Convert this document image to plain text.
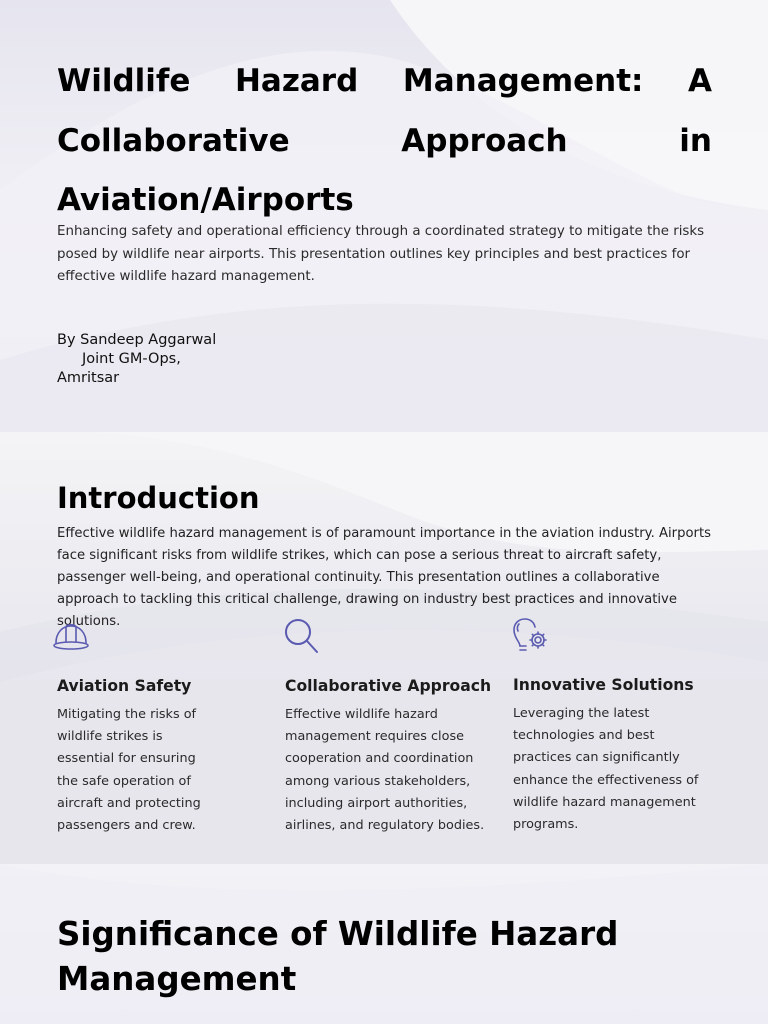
Wildlife Hazard Management: A Collaborative Approach in Aviation/Airports

Enhancing safety and operational efficiency through a coordinated strategy to mitigate the risks posed by wildlife near airports. This presentation outlines key principles and best practices for effective wildlife hazard management.

By Sandeep Aggarwal
Joint GM-Ops,
Amritsar
Introduction

Effective wildlife hazard management is of paramount importance in the aviation industry. Airports face significant risks from wildlife strikes, which can pose a serious threat to aircraft safety, passenger well-being, and operational continuity. This presentation outlines a collaborative approach to tackling this critical challenge, drawing on industry best practices and innovative solutions.

Aviation Safety
Mitigating the risks of wildlife strikes is essential for ensuring the safe operation of aircraft and protecting passengers and crew.
Collaborative Approach
Effective wildlife hazard management requires close cooperation and coordination among various stakeholders, including airport authorities, airlines, and regulatory bodies.
Innovative Solutions
Leveraging the latest technologies and best practices can significantly enhance the effectiveness of wildlife hazard management programs.
Significance of Wildlife Hazard Management
